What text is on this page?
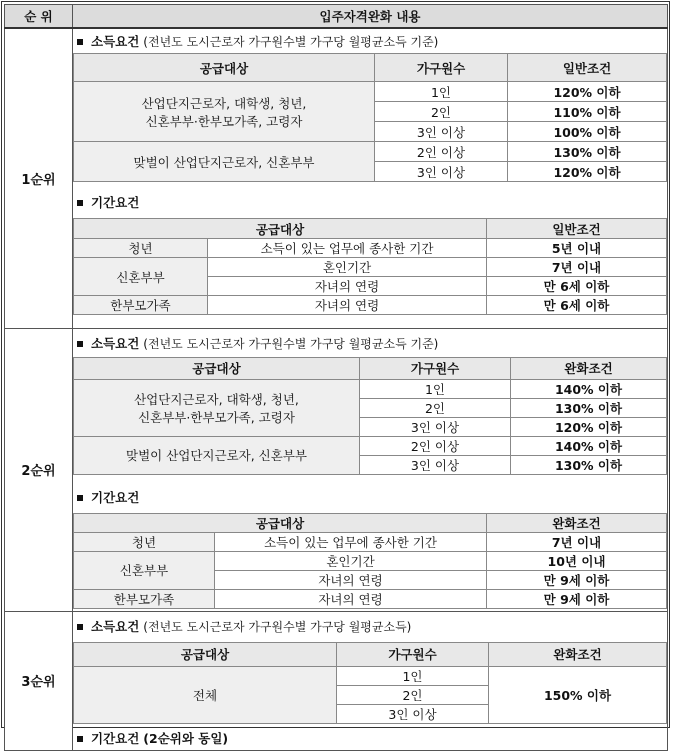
순 위	입주자격완화 내용
1순위	
소득요건 (전년도 도시근로자 가구원수별 가구당 월평균소득 기준)
공급대상	가구원수	일반조건
산업단지근로자, 대학생, 청년,
신혼부부·한부모가족, 고령자	1인	120% 이하
2인	110% 이하
3인 이상	100% 이하
맞벌이 산업단지근로자, 신혼부부	2인 이상	130% 이하
3인 이상	120% 이하
기간요건
공급대상	일반조건
청년	소득이 있는 업무에 종사한 기간	5년 이내
신혼부부	혼인기간	7년 이내
자녀의 연령	만 6세 이하
한부모가족	자녀의 연령	만 6세 이하

2순위	
소득요건 (전년도 도시근로자 가구원수별 가구당 월평균소득 기준)
공급대상	가구원수	완화조건
산업단지근로자, 대학생, 청년,
신혼부부·한부모가족, 고령자	1인	140% 이하
2인	130% 이하
3인 이상	120% 이하
맞벌이 산업단지근로자, 신혼부부	2인 이상	140% 이하
3인 이상	130% 이하
기간요건
공급대상	완화조건
청년	소득이 있는 업무에 종사한 기간	7년 이내
신혼부부	혼인기간	10년 이내
자녀의 연령	만 9세 이하
한부모가족	자녀의 연령	만 9세 이하

3순위	
소득요건 (전년도 도시근로자 가구원수별 가구당 월평균소득)
공급대상	가구원수	완화조건
전체	1인	150% 이하
2인
3인 이상
기간요건 (2순위와 동일)
